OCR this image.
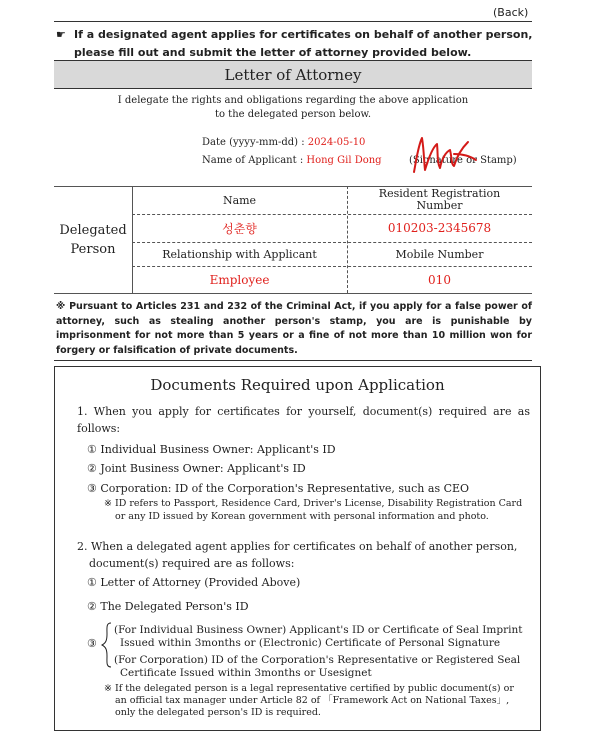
(Back)
☛ If a designated agent applies for certificates on behalf of another person,
please fill out and submit the letter of attorney provided below.
Letter of Attorney
I delegate the rights and obligations regarding the above application
to the delegated person below.
Date (yyyy-mm-dd) : 2024-05-10
Name of Applicant : Hong Gil Dong	(Signature or Stamp)
Delegated
Person
Name	Resident Registration
Number
성춘향	010203-2345678
Relationship with Applicant	Mobile Number
Employee	010
※ Pursuant to Articles 231 and 232 of the Criminal Act, if you apply for a false power of
attorney, such as stealing another person's stamp, you are is punishable by
imprisonment for not more than 5 years or a fine of not more than 10 million won for
forgery or falsification of private documents.
Documents Required upon Application
1. When you apply for certificates for yourself, document(s) required are as
follows:
① Individual Business Owner: Applicant's ID
② Joint Business Owner: Applicant's ID
③ Corporation: ID of the Corporation's Representative, such as CEO
※ ID refers to Passport, Residence Card, Driver's License, Disability Registration Card
or any ID issued by Korean government with personal information and photo.
2. When a delegated agent applies for certificates on behalf of another person,
document(s) required are as follows:
① Letter of Attorney (Provided Above)
② The Delegated Person's ID
③
(For Individual Business Owner) Applicant's ID or Certificate of Seal Imprint
Issued within 3months or (Electronic) Certificate of Personal Signature
(For Corporation) ID of the Corporation's Representative or Registered Seal
Certificate Issued within 3months or Usesignet
※ If the delegated person is a legal representative certified by public document(s) or
an official tax manager under Article 82 of 「Framework Act on National Taxes」,
only the delegated person's ID is required.
